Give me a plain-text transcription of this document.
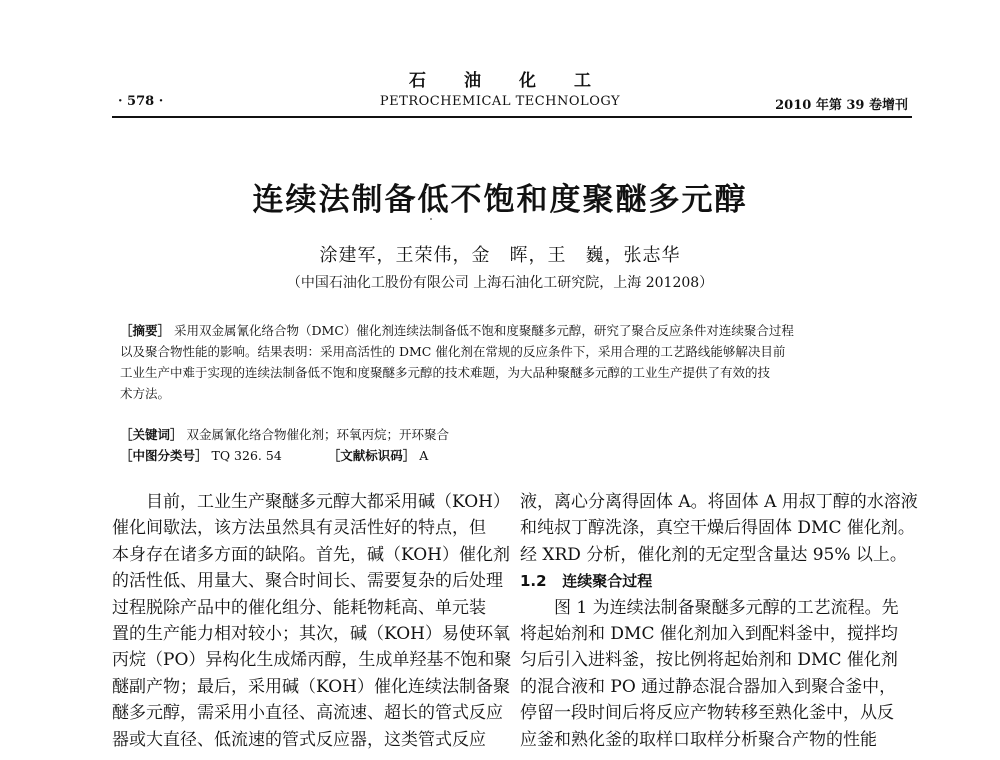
石油化工
· 578 ·	PETROCHEMICAL TECHNOLOGY	2010 年第 39 卷增刊
连续法制备低不饱和度聚醚多元醇
涂建军，王荣伟，金　晖，王　巍，张志华
（中国石油化工股份有限公司 上海石油化工研究院，上海 201208）
［摘要］ 采用双金属氰化络合物（DMC）催化剂连续法制备低不饱和度聚醚多元醇，研究了聚合反应条件对连续聚合过程
以及聚合物性能的影响。结果表明：采用高活性的 DMC 催化剂在常规的反应条件下，采用合理的工艺路线能够解决目前
工业生产中难于实现的连续法制备低不饱和度聚醚多元醇的技术难题，为大品种聚醚多元醇的工业生产提供了有效的技
术方法。
［关键词］ 双金属氰化络合物催化剂；环氧丙烷；开环聚合
［中图分类号］ TQ 326. 54	［文献标识码］ A
目前，工业生产聚醚多元醇大都采用碱（KOH）
催化间歇法，该方法虽然具有灵活性好的特点，但
本身存在诸多方面的缺陷。首先，碱（KOH）催化剂
的活性低、用量大、聚合时间长、需要复杂的后处理
过程脱除产品中的催化组分、能耗物耗高、单元装
置的生产能力相对较小；其次，碱（KOH）易使环氧
丙烷（PO）异构化生成烯丙醇，生成单羟基不饱和聚
醚副产物；最后，采用碱（KOH）催化连续法制备聚
醚多元醇，需采用小直径、高流速、超长的管式反应
器或大直径、低流速的管式反应器，这类管式反应
液，离心分离得固体 A。将固体 A 用叔丁醇的水溶液
和纯叔丁醇洗涤，真空干燥后得固体 DMC 催化剂。
经 XRD 分析，催化剂的无定型含量达 95% 以上。
1.2 连续聚合过程
图 1 为连续法制备聚醚多元醇的工艺流程。先
将起始剂和 DMC 催化剂加入到配料釜中，搅拌均
匀后引入进料釜，按比例将起始剂和 DMC 催化剂
的混合液和 PO 通过静态混合器加入到聚合釜中，
停留一段时间后将反应产物转移至熟化釜中，从反
应釜和熟化釜的取样口取样分析聚合产物的性能
